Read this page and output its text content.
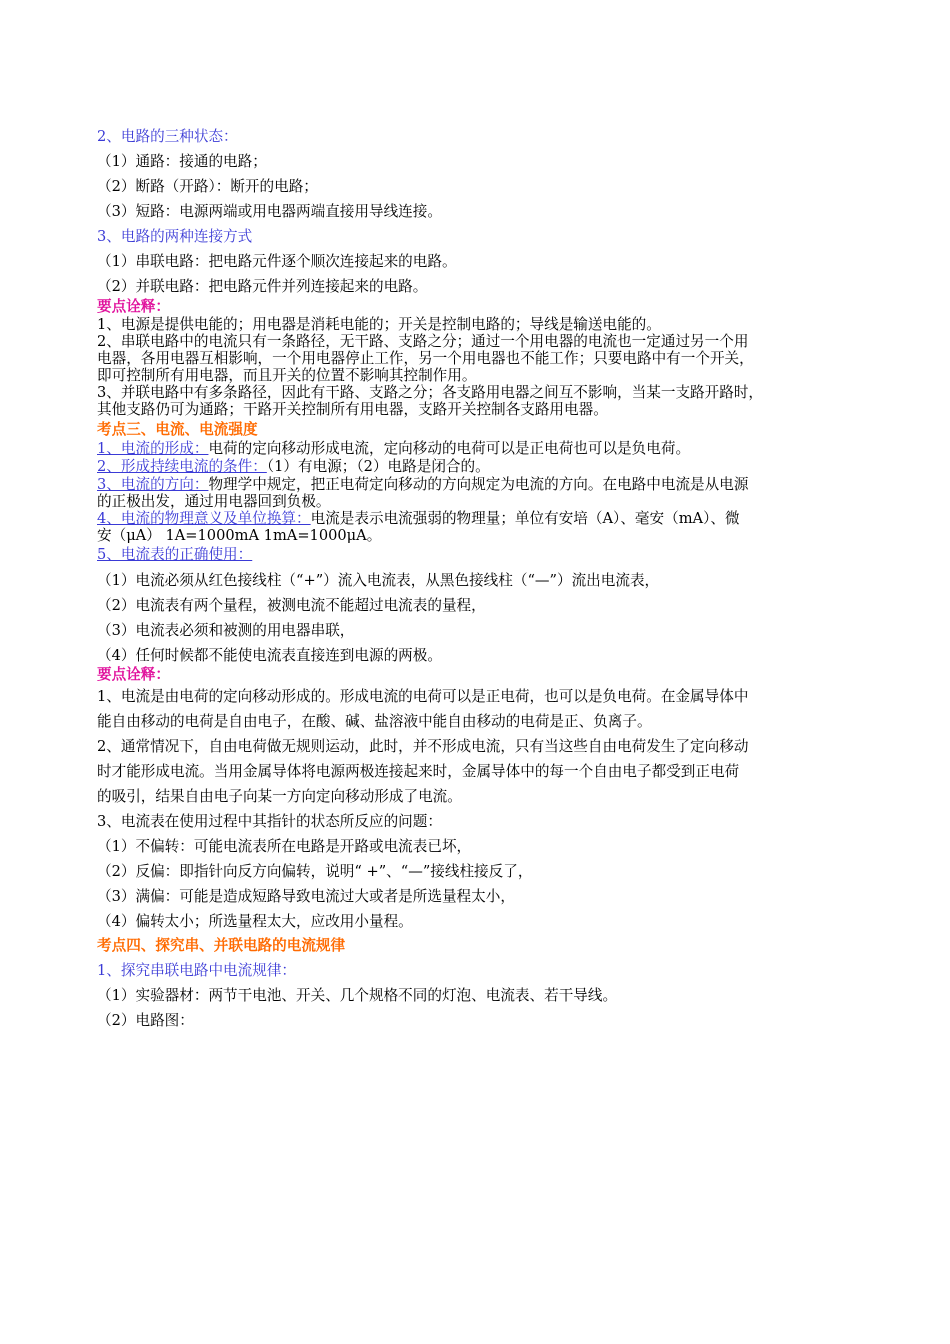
2、电路的三种状态：
（1）通路：接通的电路；
（2）断路（开路）：断开的电路；
（3）短路：电源两端或用电器两端直接用导线连接。
3、电路的两种连接方式
（1）串联电路：把电路元件逐个顺次连接起来的电路。
（2）并联电路：把电路元件并列连接起来的电路。
要点诠释：
1、电源是提供电能的；用电器是消耗电能的；开关是控制电路的；导线是输送电能的。
2、串联电路中的电流只有一条路径，无干路、支路之分；通过一个用电器的电流也一定通过另一个用
电器，各用电器互相影响，一个用电器停止工作，另一个用电器也不能工作；只要电路中有一个开关，
即可控制所有用电器，而且开关的位置不影响其控制作用。
3、并联电路中有多条路径，因此有干路、支路之分；各支路用电器之间互不影响，当某一支路开路时，
其他支路仍可为通路；干路开关控制所有用电器，支路开关控制各支路用电器。
考点三、电流、电流强度
1、电流的形成：电荷的定向移动形成电流，定向移动的电荷可以是正电荷也可以是负电荷。
2、形成持续电流的条件：（1）有电源；（2）电路是闭合的。
3、电流的方向：物理学中规定，把正电荷定向移动的方向规定为电流的方向。在电路中电流是从电源
的正极出发，通过用电器回到负极。
4、电流的物理意义及单位换算：电流是表示电流强弱的物理量；单位有安培（A）、毫安（mA）、微
安（μA） 1A=1000mA 1mA=1000μA。
5、电流表的正确使用：
（1）电流必须从红色接线柱（“+”）流入电流表，从黑色接线柱（“—”）流出电流表，
（2）电流表有两个量程，被测电流不能超过电流表的量程，
（3）电流表必须和被测的用电器串联，
（4）任何时候都不能使电流表直接连到电源的两极。
要点诠释：
1、电流是由电荷的定向移动形成的。形成电流的电荷可以是正电荷，也可以是负电荷。在金属导体中
能自由移动的电荷是自由电子，在酸、碱、盐溶液中能自由移动的电荷是正、负离子。
2、通常情况下，自由电荷做无规则运动，此时，并不形成电流，只有当这些自由电荷发生了定向移动
时才能形成电流。当用金属导体将电源两极连接起来时，金属导体中的每一个自由电子都受到正电荷
的吸引，结果自由电子向某一方向定向移动形成了电流。
3、电流表在使用过程中其指针的状态所反应的问题：
（1）不偏转：可能电流表所在电路是开路或电流表已坏，
（2）反偏：即指针向反方向偏转，说明“ +”、“—”接线柱接反了，
（3）满偏：可能是造成短路导致电流过大或者是所选量程太小，
（4）偏转太小；所选量程太大，应改用小量程。
考点四、探究串、并联电路的电流规律
1、探究串联电路中电流规律：
（1）实验器材：两节干电池、开关、几个规格不同的灯泡、电流表、若干导线。
（2）电路图：
